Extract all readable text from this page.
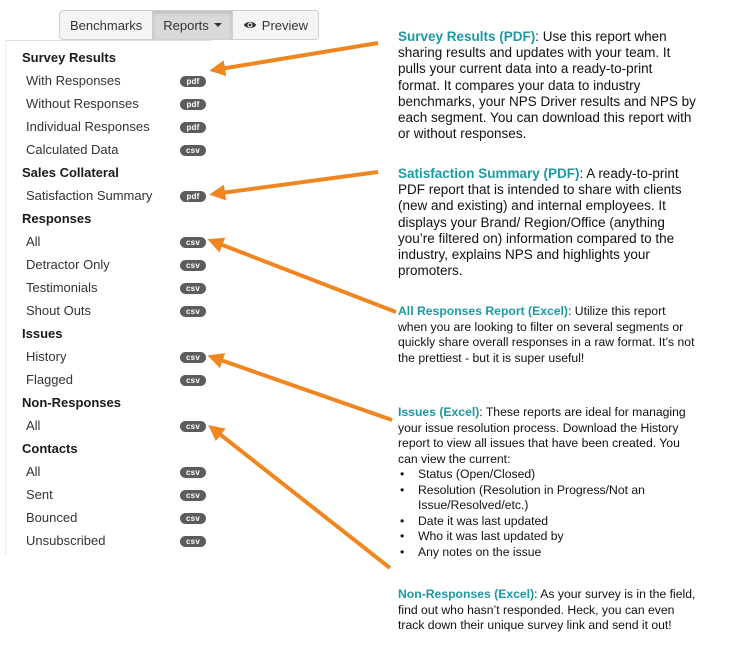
Benchmarks Reports	Preview
Survey Results
With Responses	pdf
Without Responses	pdf
Individual Responses	pdf
Calculated Data	csv
Sales Collateral
Satisfaction Summary	pdf
Responses
All	csv
Detractor Only	csv
Testimonials	csv
Shout Outs	csv
Issues
History	csv
Flagged	csv
Non-Responses
All	csv
Contacts
All	csv
Sent	csv
Bounced	csv
Unsubscribed	csv
Survey Results (PDF): Use this report when sharing results and updates with your team. It pulls your current data into a ready-to-print format. It compares your data to industry benchmarks, your NPS Driver results and NPS by each segment. You can download this report with or without responses.
Satisfaction Summary (PDF): A ready-to-print PDF report that is intended to share with clients (new and existing) and internal employees. It displays your Brand/ Region/Office (anything you’re filtered on) information compared to the industry, explains NPS and highlights your promoters.
All Responses Report (Excel): Utilize this report when you are looking to filter on several segments or quickly share overall responses in a raw format. It’s not the prettiest - but it is super useful!
Issues (Excel): These reports are ideal for managing your issue resolution process. Download the History report to view all issues that have been created. You can view the current:
• Status (Open/Closed)
• Resolution (Resolution in Progress/Not an Issue/Resolved/etc.)
• Date it was last updated
• Who it was last updated by
• Any notes on the issue
Non-Responses (Excel): As your survey is in the field, find out who hasn’t responded. Heck, you can even track down their unique survey link and send it out!
